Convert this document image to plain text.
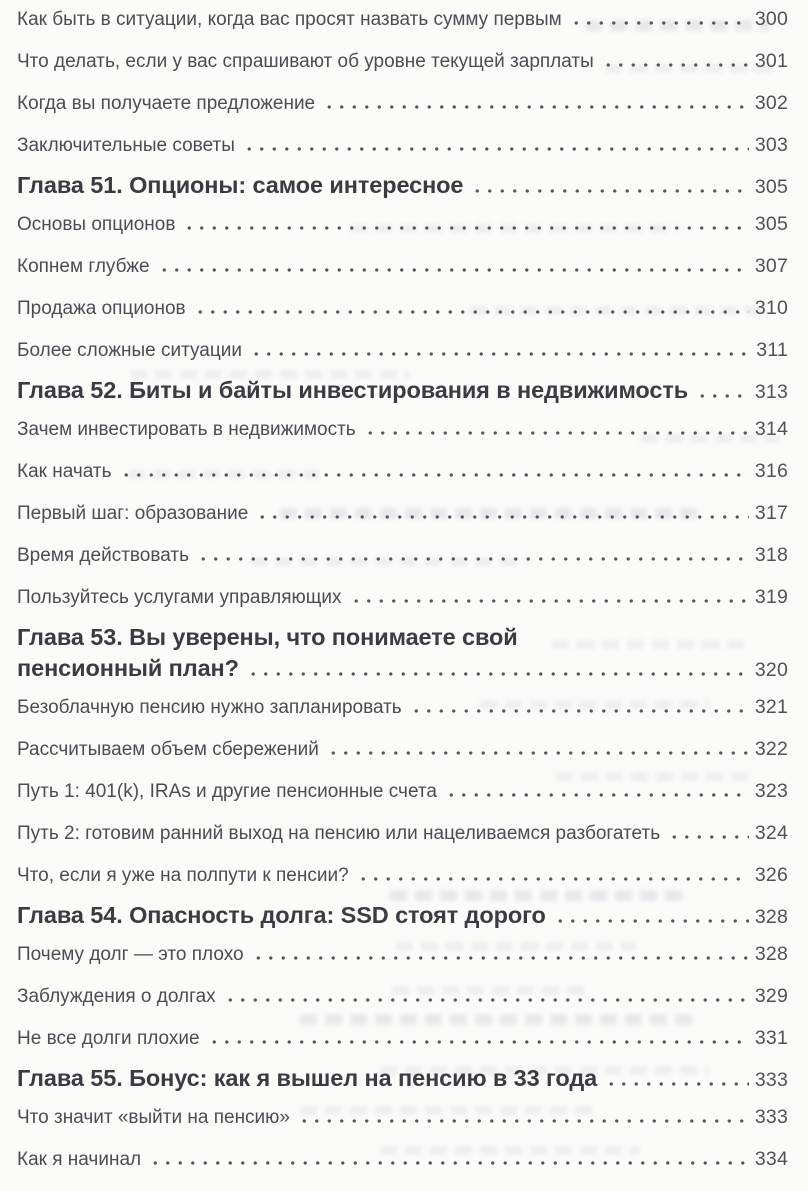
Как быть в ситуации, когда вас просят назвать сумму первым	300
Что делать, если у вас спрашивают об уровне текущей зарплаты	301
Когда вы получаете предложение	302
Заключительные советы	303
Глава 51. Опционы: самое интересное	305
Основы опционов	305
Копнем глубже	307
Продажа опционов	310
Более сложные ситуации	311
Глава 52. Биты и байты инвестирования в недвижимость	313
Зачем инвестировать в недвижимость	314
Как начать	316
Первый шаг: образование	317
Время действовать	318
Пользуйтесь услугами управляющих	319
Глава 53. Вы уверены, что понимаете свой
пенсионный план?	320
Безоблачную пенсию нужно запланировать	321
Рассчитываем объем сбережений	322
Путь 1: 401(k), IRAs и другие пенсионные счета	323
Путь 2: готовим ранний выход на пенсию или нацеливаемся разбогатеть	324
Что, если я уже на полпути к пенсии?	326
Глава 54. Опасность долга: SSD стоят дорого	328
Почему долг — это плохо	328
Заблуждения о долгах	329
Не все долги плохие	331
Глава 55. Бонус: как я вышел на пенсию в 33 года	333
Что значит «выйти на пенсию»	333
Как я начинал	334
